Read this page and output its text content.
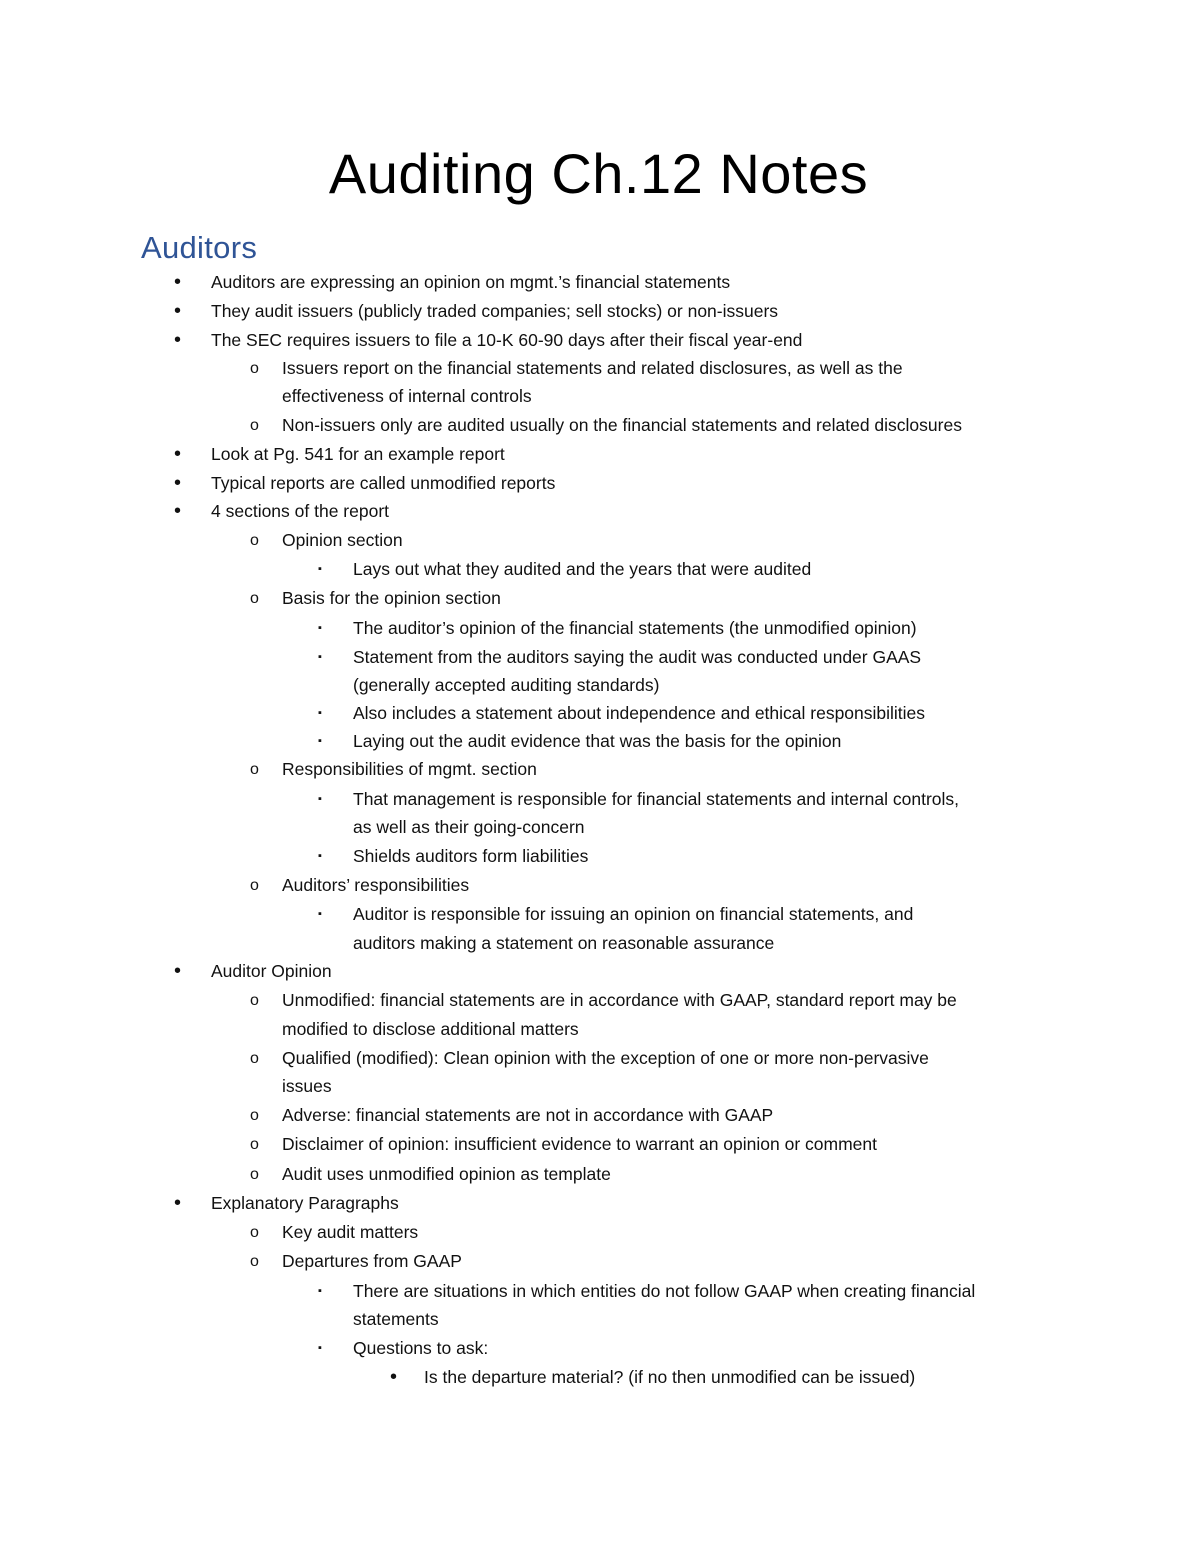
Auditing Ch.12 Notes
Auditors
• Auditors are expressing an opinion on mgmt.’s financial statements
• They audit issuers (publicly traded companies; sell stocks) or non-issuers
• The SEC requires issuers to file a 10-K 60-90 days after their fiscal year-end
o Issuers report on the financial statements and related disclosures, as well as the
effectiveness of internal controls
o Non-issuers only are audited usually on the financial statements and related disclosures
• Look at Pg. 541 for an example report
• Typical reports are called unmodified reports
• 4 sections of the report
o Opinion section
▪ Lays out what they audited and the years that were audited
o Basis for the opinion section
▪ The auditor’s opinion of the financial statements (the unmodified opinion)
▪ Statement from the auditors saying the audit was conducted under GAAS
(generally accepted auditing standards)
▪ Also includes a statement about independence and ethical responsibilities
▪ Laying out the audit evidence that was the basis for the opinion
o Responsibilities of mgmt. section
▪ That management is responsible for financial statements and internal controls,
as well as their going-concern
▪ Shields auditors form liabilities
o Auditors’ responsibilities
▪ Auditor is responsible for issuing an opinion on financial statements, and
auditors making a statement on reasonable assurance
• Auditor Opinion
o Unmodified: financial statements are in accordance with GAAP, standard report may be
modified to disclose additional matters
o Qualified (modified): Clean opinion with the exception of one or more non-pervasive
issues
o Adverse: financial statements are not in accordance with GAAP
o Disclaimer of opinion: insufficient evidence to warrant an opinion or comment
o Audit uses unmodified opinion as template
• Explanatory Paragraphs
o Key audit matters
o Departures from GAAP
▪ There are situations in which entities do not follow GAAP when creating financial
statements
▪ Questions to ask:
• Is the departure material? (if no then unmodified can be issued)
